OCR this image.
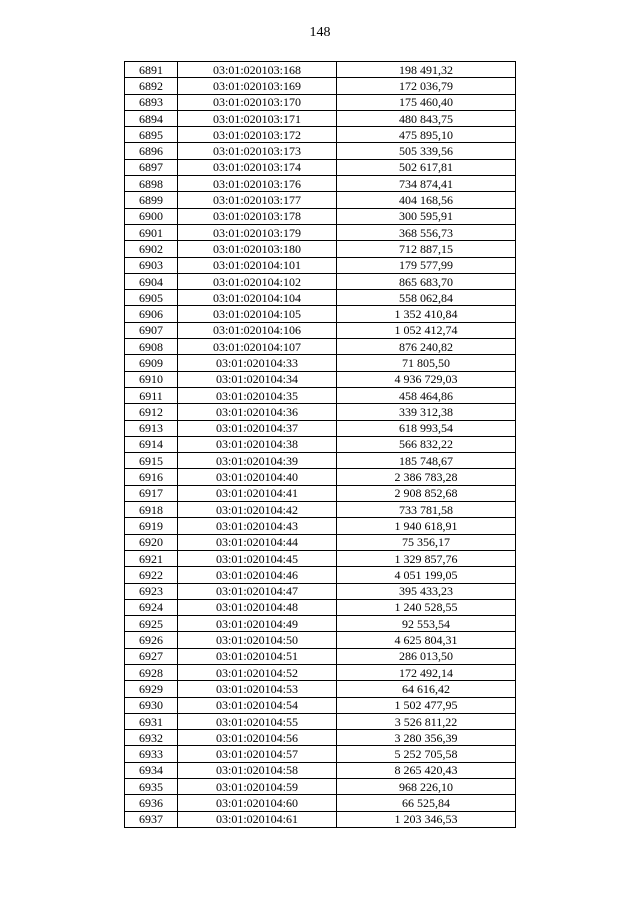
148
6891	03:01:020103:168	198 491,32
6892	03:01:020103:169	172 036,79
6893	03:01:020103:170	175 460,40
6894	03:01:020103:171	480 843,75
6895	03:01:020103:172	475 895,10
6896	03:01:020103:173	505 339,56
6897	03:01:020103:174	502 617,81
6898	03:01:020103:176	734 874,41
6899	03:01:020103:177	404 168,56
6900	03:01:020103:178	300 595,91
6901	03:01:020103:179	368 556,73
6902	03:01:020103:180	712 887,15
6903	03:01:020104:101	179 577,99
6904	03:01:020104:102	865 683,70
6905	03:01:020104:104	558 062,84
6906	03:01:020104:105	1 352 410,84
6907	03:01:020104:106	1 052 412,74
6908	03:01:020104:107	876 240,82
6909	03:01:020104:33	71 805,50
6910	03:01:020104:34	4 936 729,03
6911	03:01:020104:35	458 464,86
6912	03:01:020104:36	339 312,38
6913	03:01:020104:37	618 993,54
6914	03:01:020104:38	566 832,22
6915	03:01:020104:39	185 748,67
6916	03:01:020104:40	2 386 783,28
6917	03:01:020104:41	2 908 852,68
6918	03:01:020104:42	733 781,58
6919	03:01:020104:43	1 940 618,91
6920	03:01:020104:44	75 356,17
6921	03:01:020104:45	1 329 857,76
6922	03:01:020104:46	4 051 199,05
6923	03:01:020104:47	395 433,23
6924	03:01:020104:48	1 240 528,55
6925	03:01:020104:49	92 553,54
6926	03:01:020104:50	4 625 804,31
6927	03:01:020104:51	286 013,50
6928	03:01:020104:52	172 492,14
6929	03:01:020104:53	64 616,42
6930	03:01:020104:54	1 502 477,95
6931	03:01:020104:55	3 526 811,22
6932	03:01:020104:56	3 280 356,39
6933	03:01:020104:57	5 252 705,58
6934	03:01:020104:58	8 265 420,43
6935	03:01:020104:59	968 226,10
6936	03:01:020104:60	66 525,84
6937	03:01:020104:61	1 203 346,53
